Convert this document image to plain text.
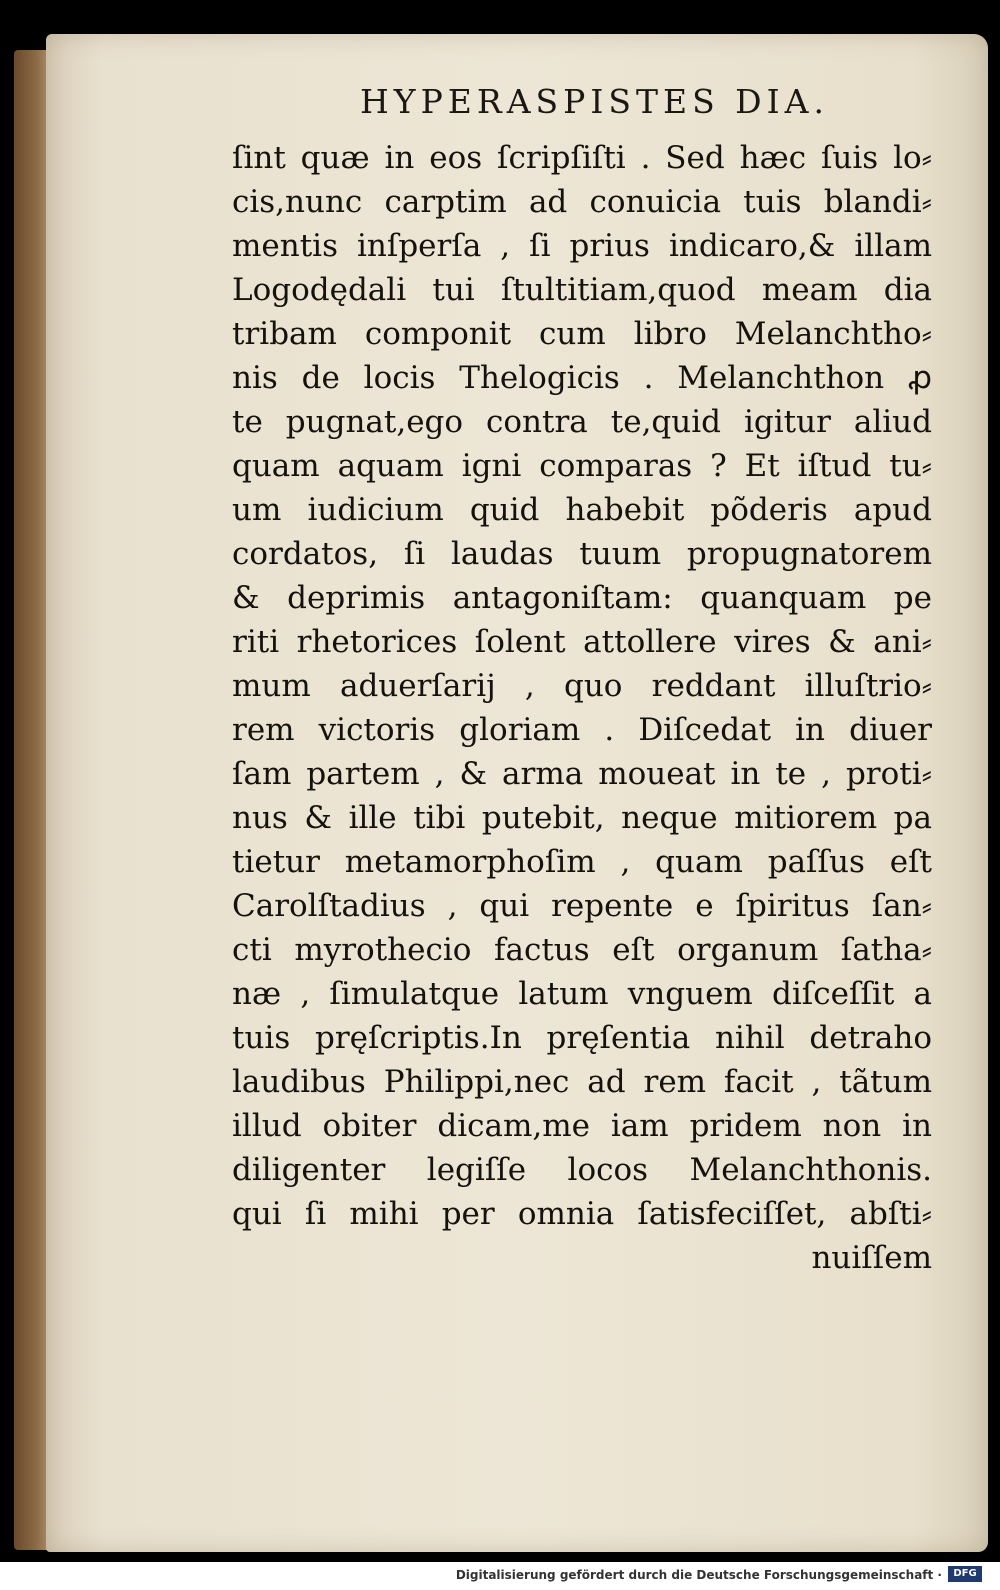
HYPERASPISTES DIA.
ſint quæ in eos ſcripſiſti . Sed hæc ſuis lo⸗
cis,nunc carptim ad conuicia tuis blandi⸗
mentis inſperſa , ſi prius indicaro,& illam
Logodędali tui ſtultitiam,quod meam dia
tribam componit cum libro Melanchtho⸗
nis de locis Thelogicis . Melanchthon ꝓ
te pugnat,ego contra te,quid igitur aliud
quam aquam igni comparas ? Et iſtud tu⸗
um iudicium quid habebit põderis apud
cordatos, ſi laudas tuum propugnatorem
& deprimis antagoniſtam: quanquam pe
riti rhetorices ſolent attollere vires & ani⸗
mum aduerſarij , quo reddant illuſtrio⸗
rem victoris gloriam . Diſcedat in diuer
ſam partem , & arma moueat in te , proti⸗
nus & ille tibi putebit, neque mitiorem pa
tietur metamorphoſim , quam paſſus eſt
Carolſtadius , qui repente e ſpiritus ſan⸗
cti myrothecio factus eſt organum ſatha⸗
næ , ſimulatque latum vnguem diſceſſit a
tuis pręſcriptis.In pręſentia nihil detraho
laudibus Philippi,nec ad rem facit , tãtum
illud obiter dicam,me iam pridem non in
diligenter legiſſe locos Melanchthonis.
qui ſi mihi per omnia ſatisfeciſſet, abſti⸗
nuiſſem
Digitalisierung gefördert durch die Deutsche Forschungsgemeinschaft ·	DFG
